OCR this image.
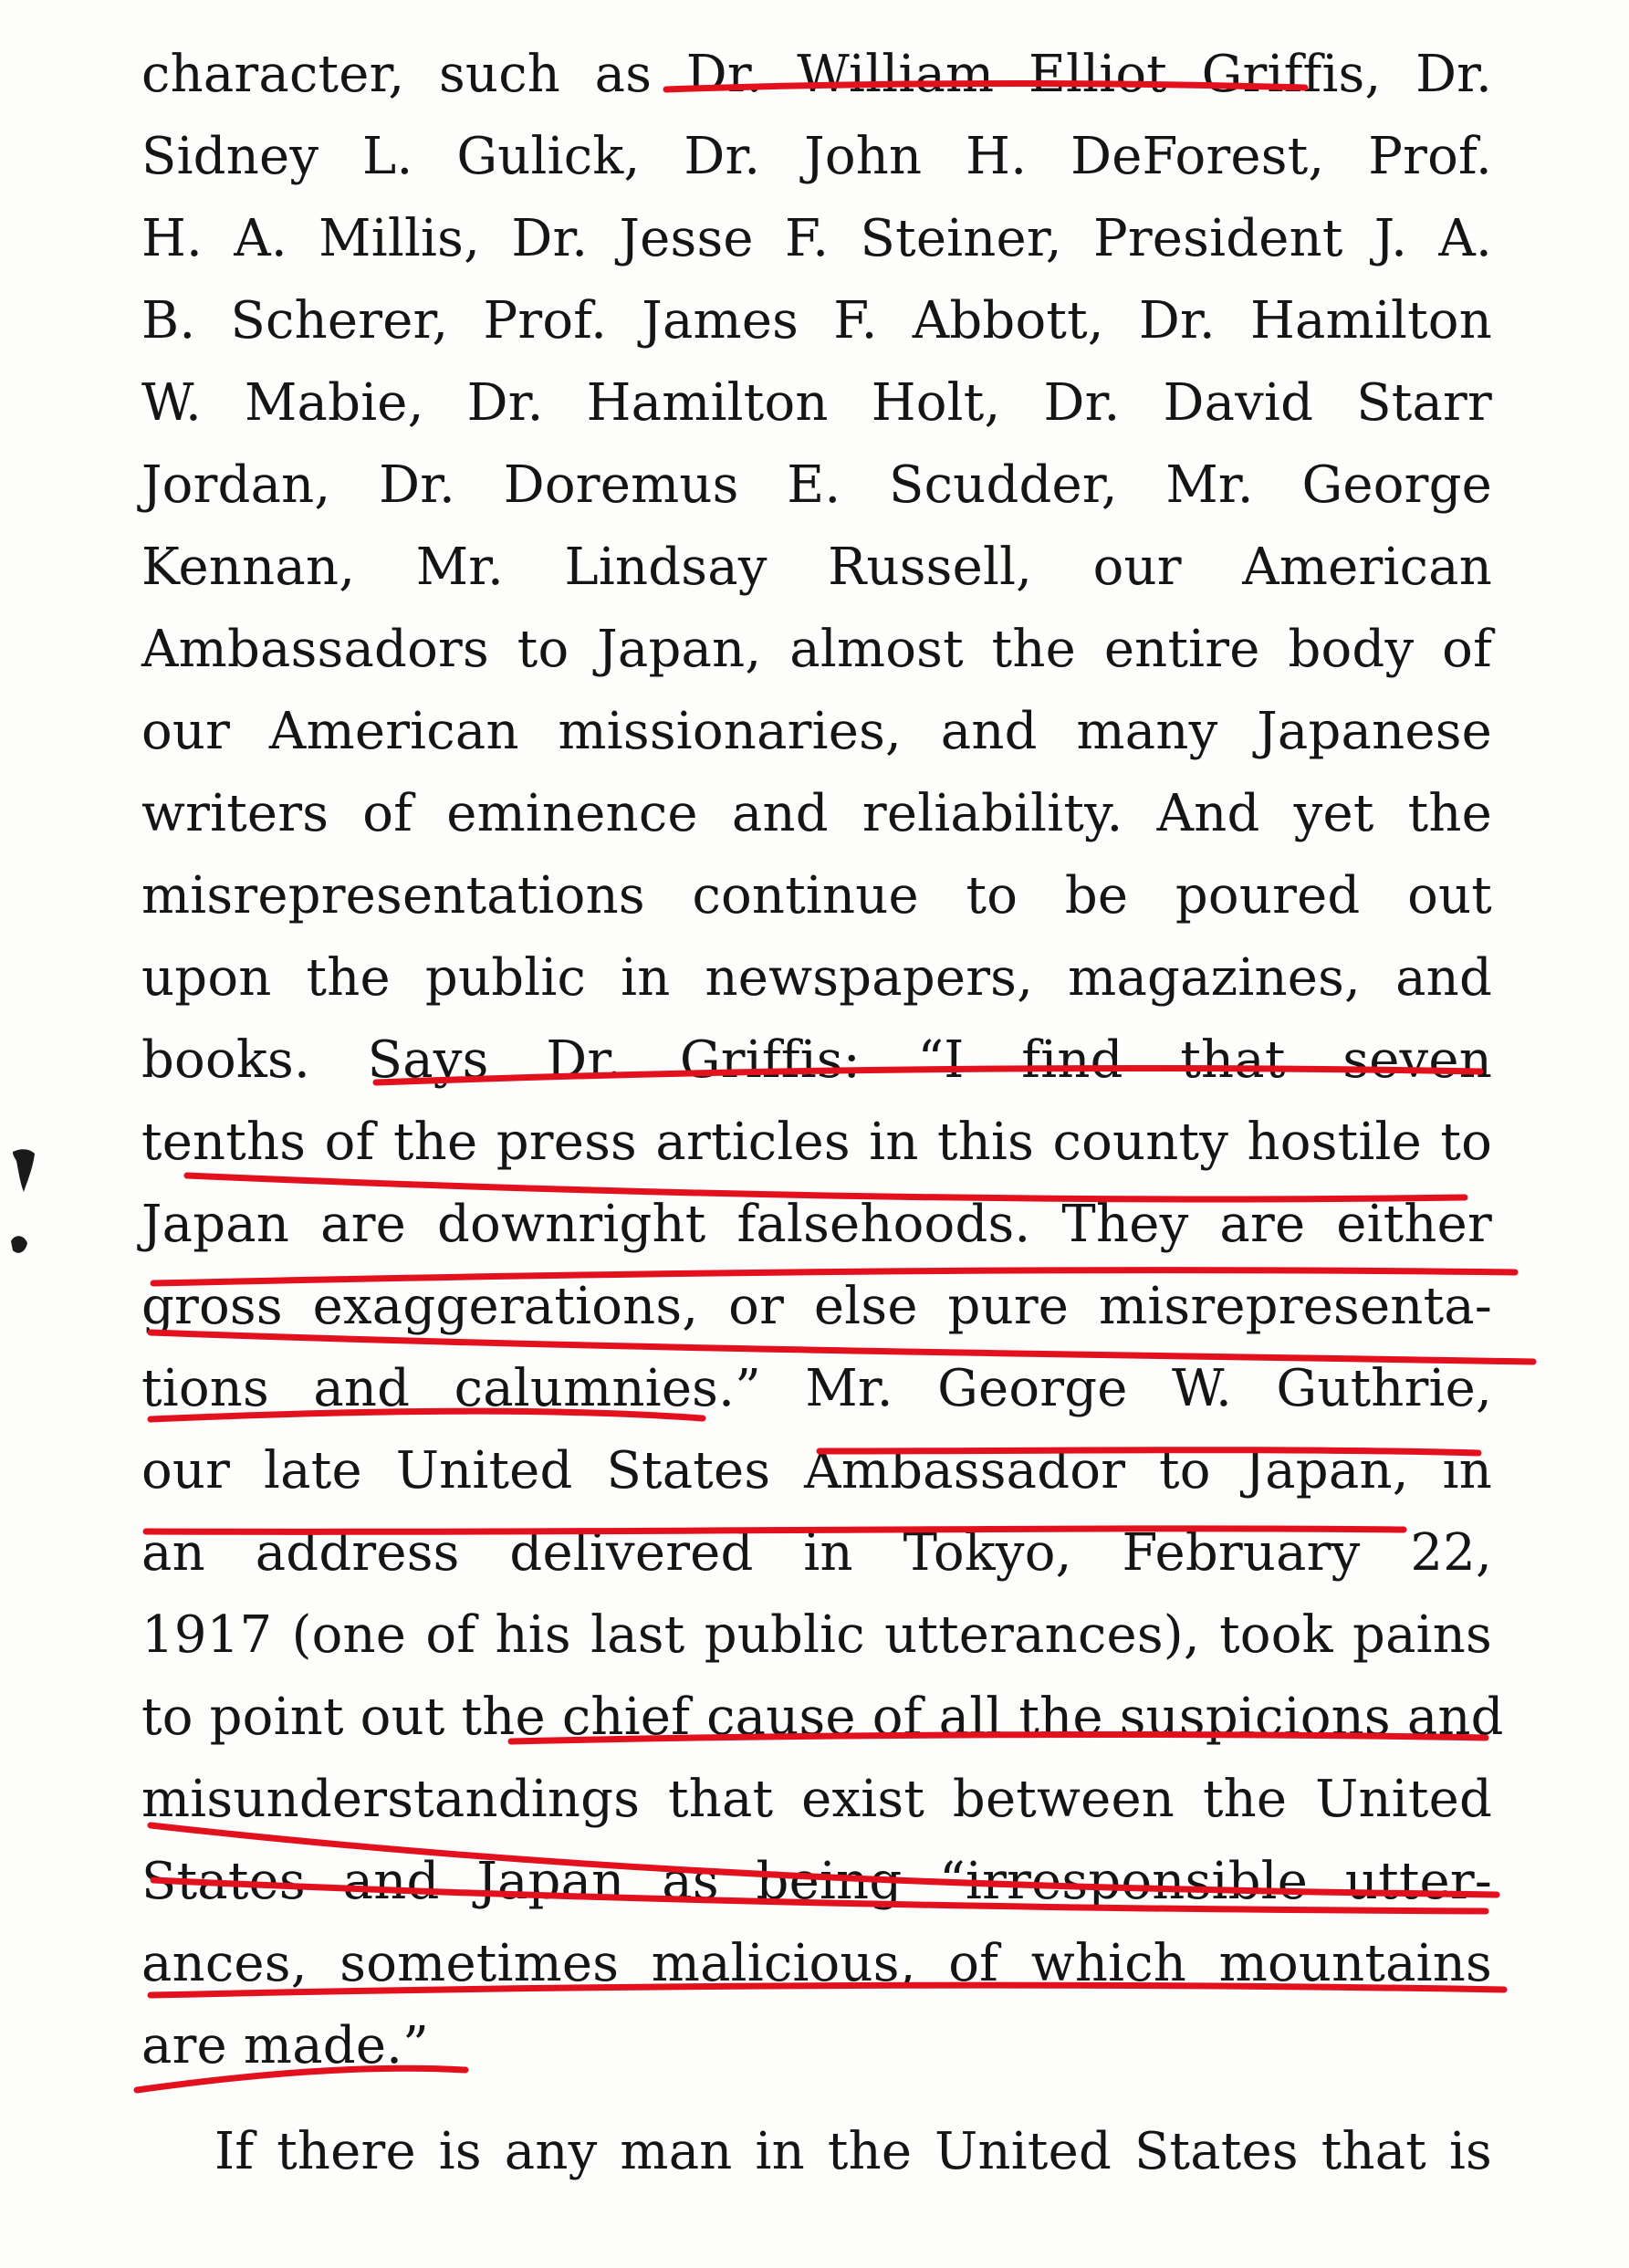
character, such as Dr. William Elliot Griffis, Dr.
Sidney L. Gulick, Dr. John H. DeForest, Prof.
H. A. Millis, Dr. Jesse F. Steiner, President J. A.
B. Scherer, Prof. James F. Abbott, Dr. Hamilton
W. Mabie, Dr. Hamilton Holt, Dr. David Starr
Jordan, Dr. Doremus E. Scudder, Mr. George
Kennan, Mr. Lindsay Russell, our American
Ambassadors to Japan, almost the entire body of
our American missionaries, and many Japanese
writers of eminence and reliability. And yet the
misrepresentations continue to be poured out
upon the public in newspapers, magazines, and
books. Says Dr. Griffis: “I find that seven
tenths of the press articles in this county hostile to
Japan are downright falsehoods. They are either
gross exaggerations, or else pure misrepresenta-
tions and calumnies.” Mr. George W. Guthrie,
our late United States Ambassador to Japan, in
an address delivered in Tokyo, February 22,
1917 (one of his last public utterances), took pains
to point out the chief cause of all the suspicions and
misunderstandings that exist between the United
States and Japan as being “irresponsible utter-
ances, sometimes malicious, of which mountains
are made.”
If there is any man in the United States that is
